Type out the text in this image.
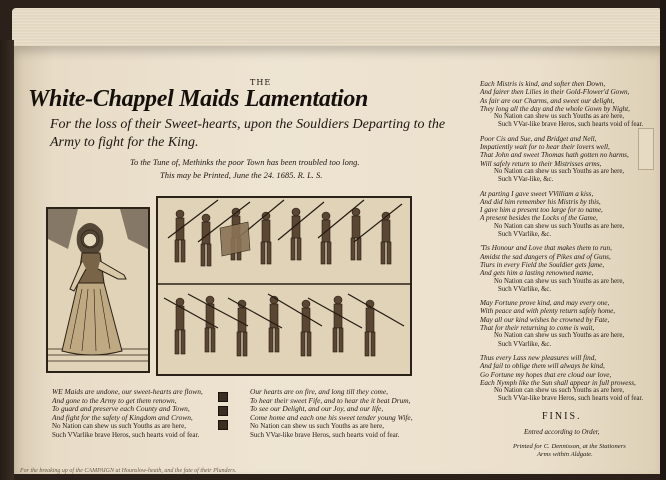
THE
White-Chappel Maids Lamentation
For the loss of their Sweet-hearts, upon the Souldiers Departing to the Army to fight for the King.
To the Tune of, Methinks the poor Town has been troubled too long.
This may be Printed, June the 24. 1685. R. L. S.
WE Maids are undone, our sweet-hearts are flown,
And gone to the Army to get them renown,
To guard and preserve each County and Town,
And fight for the safety of Kingdom and Crown,
No Nation can shew us such Youths as are here,
Such VVarlike brave Heros, such hearts void of fear.
Our hearts are on fire, and long till they come,
To hear their sweet Fife, and to hear the it beat Drum,
To see our Delight, and our Joy, and our life,
Come home and each one his sweet tender young Wife,
No Nation can shew us such Youths as are here,
Such VVar-like brave Heros, such hearts void of fear.
Each Mistris is kind, and softer then Down,
And fairer then Lilies in their Gold-Flower'd Gown,
As fair are our Charms, and sweet our delight,
They long all the day and the whole Gown by Night,
No Nation can shew us such Youths as are here,
Such VVar-like brave Heros, such hearts void of fear.
Poor Cis and Sue, and Bridget and Nell,
Impatiently wait for to hear their lovers well,
That John and sweet Thomas hath gotten no harms,
Will safely return to their Mistrisses arms,
No Nation can shew us such Youths as are here,
Such VVar-like, &c.
At parting I gave sweet VVilliam a kiss,
And did him remember his Mistris by this,
I gave him a present too large for to name,
A present besides the Locks of the Game,
No Nation can shew us such Youths as are here,
Such VVarlike, &c.
'Tis Honour and Love that makes them to run,
Amidst the sad dangers of Pikes and of Guns,
Tiurs in every Field the Souldier gets fame,
And gets him a lasting renowned name,
No Nation can shew us such Youths as are here,
Such VVarlike, &c.
May Fortune prove kind, and may every one,
With peace and with plenty return safely home,
May all our kind wishes be crowned by Fate,
That for their returning to come is wait,
No Nation can shew us such Youths as are here,
Such VVarlike, &c.
Thus every Lass new pleasures will find,
And fail to oblige them will always be kind,
Go Fortune my hopes that ere cloud our love,
Each Nymph like the Sun shall appear in full prowess,
No Nation can shew us such Youths as are here,
Such VVar-like brave Heros, such hearts void of fear.
FINIS.
Entred according to Order,
Printed for C. Dennisson, at the Stationers
Arms within Aldgate.
For the breaking up of the CAMPAIGN at Hounslow-heath, and the fate of their Plunders.
